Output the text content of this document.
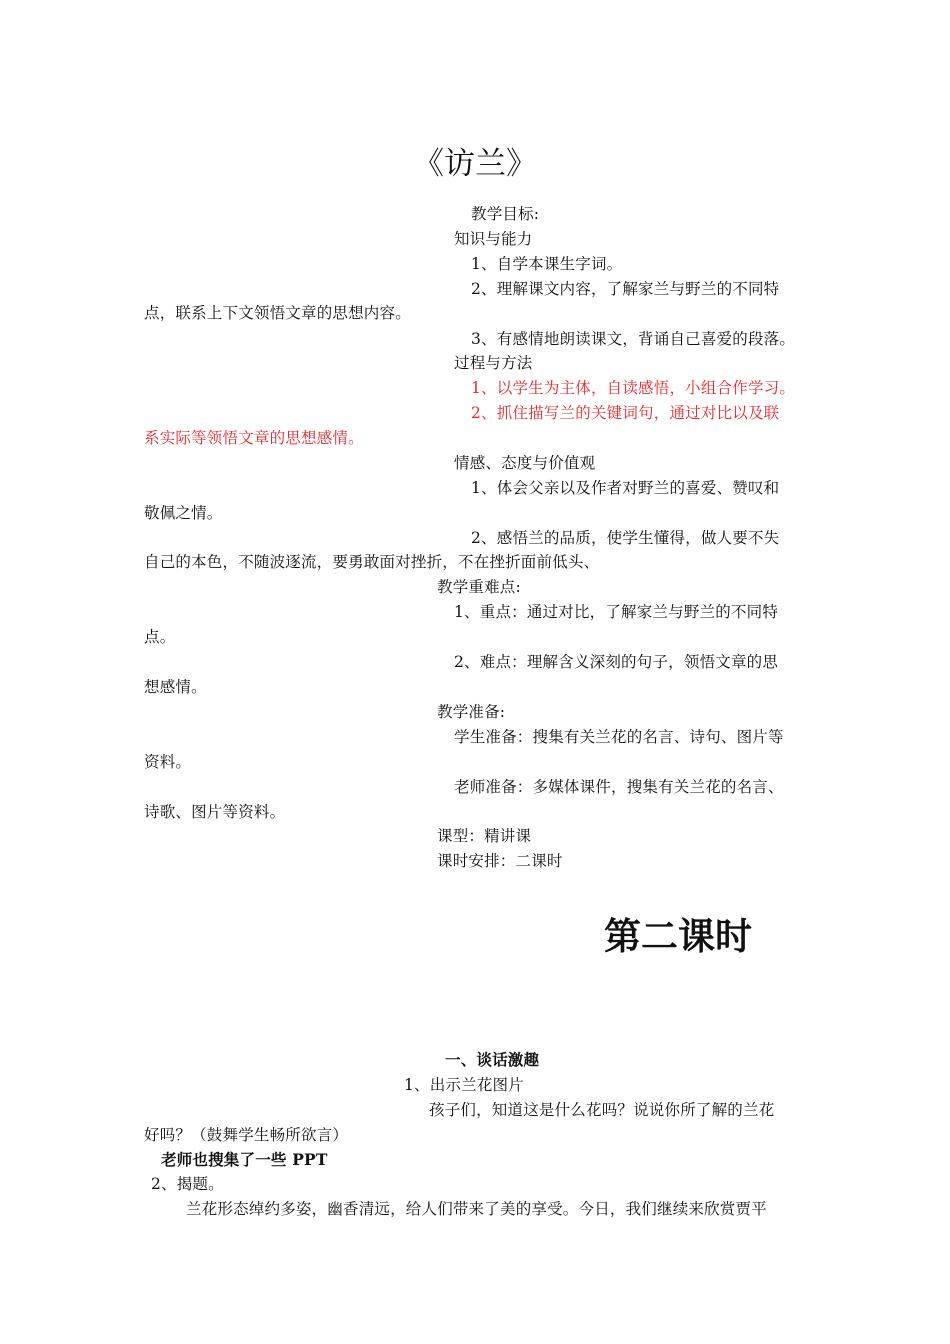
《访兰》
教学目标:
知识与能力
1、自学本课生字词。
2、理解课文内容，了解家兰与野兰的不同特
点，联系上下文领悟文章的思想内容。
3、有感情地朗读课文，背诵自己喜爱的段落。
过程与方法
1、以学生为主体，自读感悟，小组合作学习。
2、抓住描写兰的关键词句，通过对比以及联
系实际等领悟文章的思想感情。
情感、态度与价值观
1、体会父亲以及作者对野兰的喜爱、赞叹和
敬佩之情。
2、感悟兰的品质，使学生懂得，做人要不失
自己的本色，不随波逐流，要勇敢面对挫折，不在挫折面前低头、
教学重难点:
1、重点：通过对比，了解家兰与野兰的不同特
点。
2、难点：理解含义深刻的句子，领悟文章的思
想感情。
教学准备:
学生准备：搜集有关兰花的名言、诗句、图片等
资料。
老师准备：多媒体课件，搜集有关兰花的名言、
诗歌、图片等资料。
课型：精讲课
课时安排：二课时
第二课时
一、谈话激趣
1、出示兰花图片
孩子们，知道这是什么花吗？说说你所了解的兰花
好吗？（鼓舞学生畅所欲言）
老师也搜集了一些 PPT
2、揭题。
兰花形态绰约多姿，幽香清远，给人们带来了美的享受。今日，我们继续来欣赏贾平
